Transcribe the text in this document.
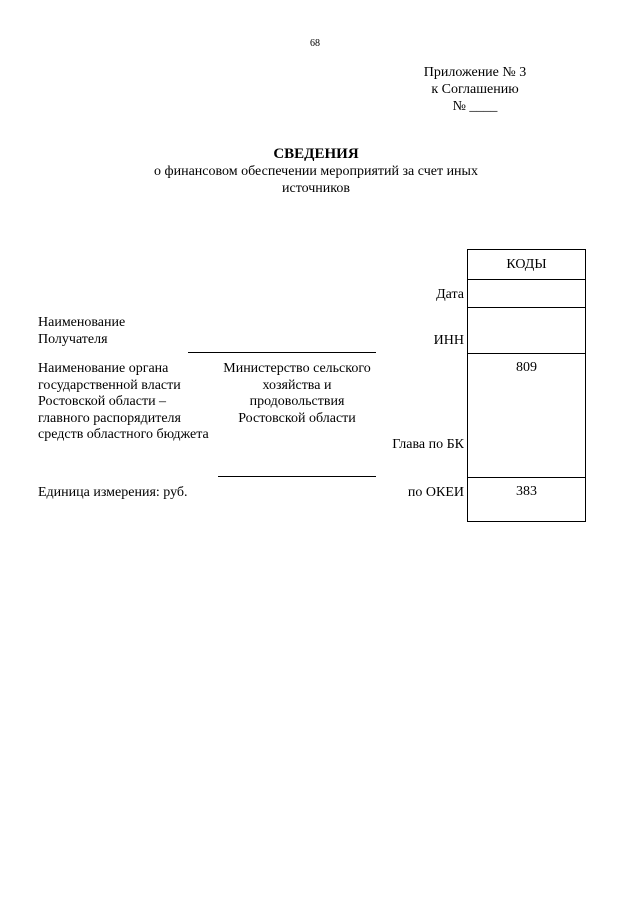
68
Приложение № 3
к Соглашению
№ ____
СВЕДЕНИЯ
о финансовом обеспечении мероприятий за счет иных источников
КОДЫ
809
383
Дата
Наименование Получателя	ИНН
Наименование органа государственной власти Ростовской области – главного распорядителя средств областного бюджета
Министерство сельского хозяйства и продовольствия Ростовской области
Глава по БК
Единица измерения: руб.	по ОКЕИ
